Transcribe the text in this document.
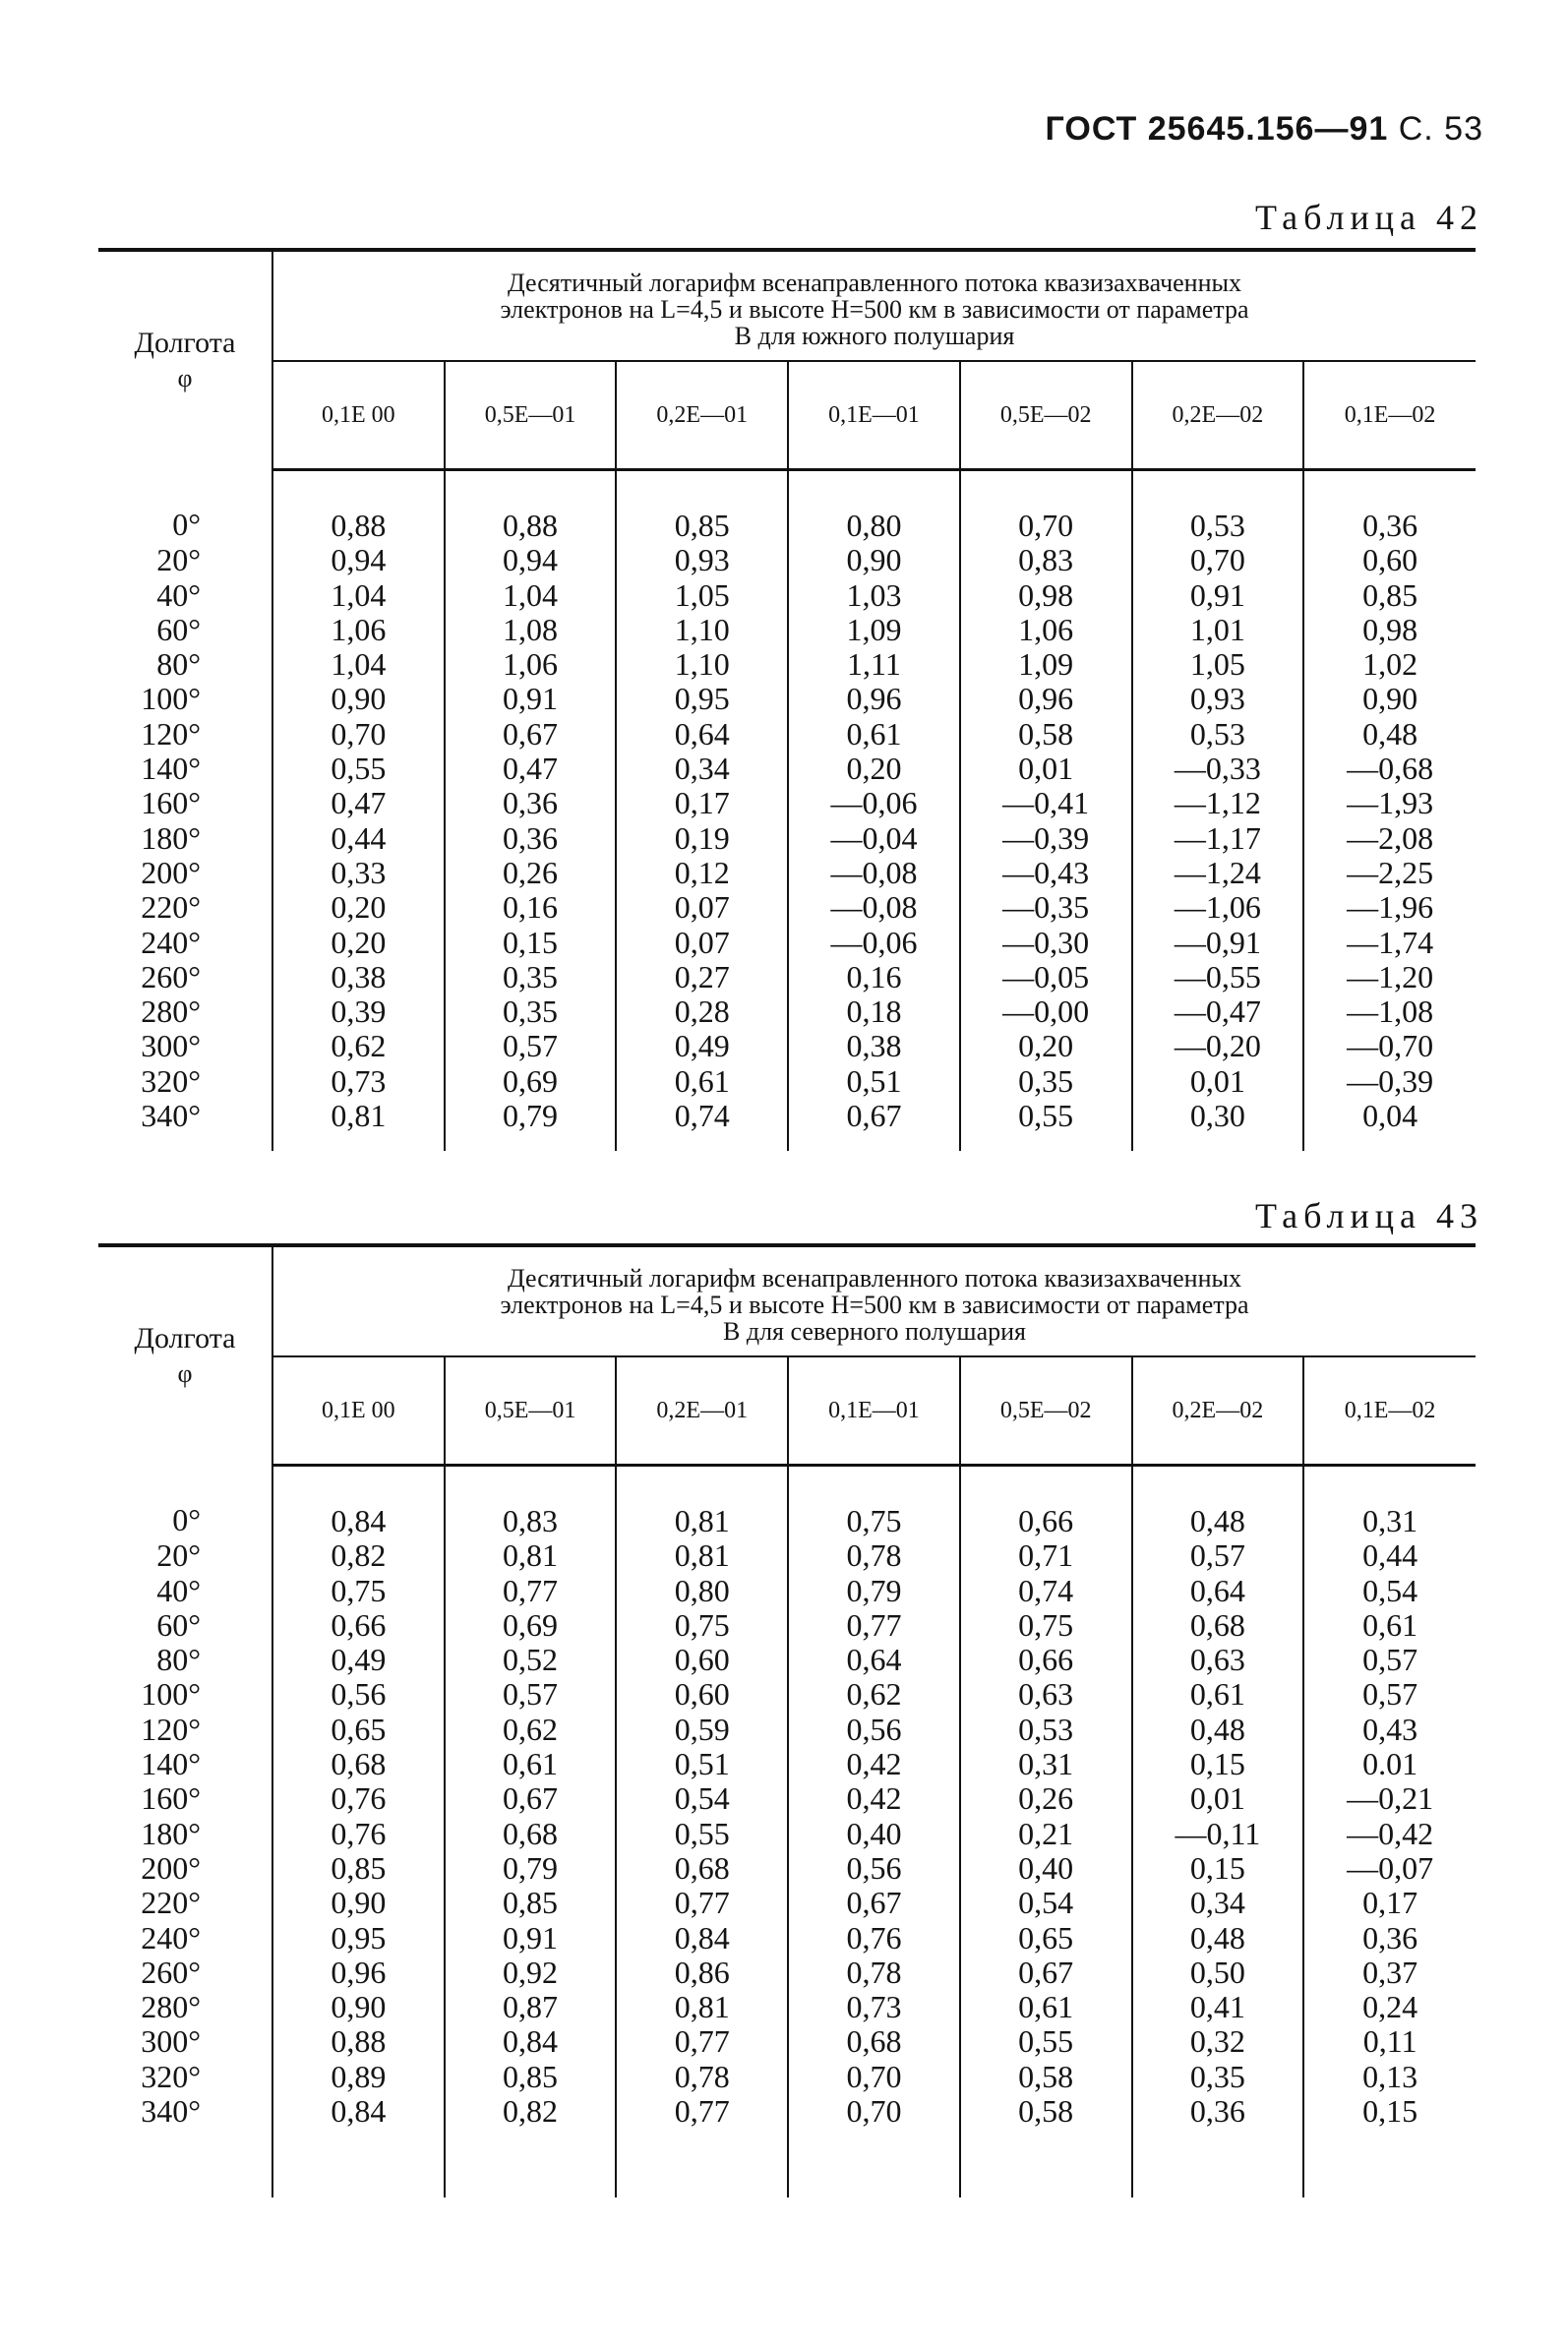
ГОСТ 25645.156—91 С. 53
Таблица 42
Долгота
φ	Десятичный логарифм всенаправленного потока квазизахваченных
электронов на L=4,5 и высоте H=500 км в зависимости от параметра
В для южного полушария						

	0,1E 00	0,5E—01	0,2E—01	0,1E—01	0,5E—02	0,2E—02	0,1E—02
0°	0,88	0,88	0,85	0,80	0,70	0,53	0,36
20°	0,94	0,94	0,93	0,90	0,83	0,70	0,60
40°	1,04	1,04	1,05	1,03	0,98	0,91	0,85
60°	1,06	1,08	1,10	1,09	1,06	1,01	0,98
80°	1,04	1,06	1,10	1,11	1,09	1,05	1,02
100°	0,90	0,91	0,95	0,96	0,96	0,93	0,90
120°	0,70	0,67	0,64	0,61	0,58	0,53	0,48
140°	0,55	0,47	0,34	0,20	0,01	—0,33	—0,68
160°	0,47	0,36	0,17	—0,06	—0,41	—1,12	—1,93
180°	0,44	0,36	0,19	—0,04	—0,39	—1,17	—2,08
200°	0,33	0,26	0,12	—0,08	—0,43	—1,24	—2,25
220°	0,20	0,16	0,07	—0,08	—0,35	—1,06	—1,96
240°	0,20	0,15	0,07	—0,06	—0,30	—0,91	—1,74
260°	0,38	0,35	0,27	0,16	—0,05	—0,55	—1,20
280°	0,39	0,35	0,28	0,18	—0,00	—0,47	—1,08
300°	0,62	0,57	0,49	0,38	0,20	—0,20	—0,70
320°	0,73	0,69	0,61	0,51	0,35	0,01	—0,39
340°	0,81	0,79	0,74	0,67	0,55	0,30	0,04
Таблица 43
Долгота
φ	Десятичный логарифм всенаправленного потока квазизахваченных
электронов на L=4,5 и высоте H=500 км в зависимости от параметра
В для северного полушария						

	0,1E 00	0,5E—01	0,2E—01	0,1E—01	0,5E—02	0,2E—02	0,1E—02
0°	0,84	0,83	0,81	0,75	0,66	0,48	0,31
20°	0,82	0,81	0,81	0,78	0,71	0,57	0,44
40°	0,75	0,77	0,80	0,79	0,74	0,64	0,54
60°	0,66	0,69	0,75	0,77	0,75	0,68	0,61
80°	0,49	0,52	0,60	0,64	0,66	0,63	0,57
100°	0,56	0,57	0,60	0,62	0,63	0,61	0,57
120°	0,65	0,62	0,59	0,56	0,53	0,48	0,43
140°	0,68	0,61	0,51	0,42	0,31	0,15	0.01
160°	0,76	0,67	0,54	0,42	0,26	0,01	—0,21
180°	0,76	0,68	0,55	0,40	0,21	—0,11	—0,42
200°	0,85	0,79	0,68	0,56	0,40	0,15	—0,07
220°	0,90	0,85	0,77	0,67	0,54	0,34	0,17
240°	0,95	0,91	0,84	0,76	0,65	0,48	0,36
260°	0,96	0,92	0,86	0,78	0,67	0,50	0,37
280°	0,90	0,87	0,81	0,73	0,61	0,41	0,24
300°	0,88	0,84	0,77	0,68	0,55	0,32	0,11
320°	0,89	0,85	0,78	0,70	0,58	0,35	0,13
340°	0,84	0,82	0,77	0,70	0,58	0,36	0,15
